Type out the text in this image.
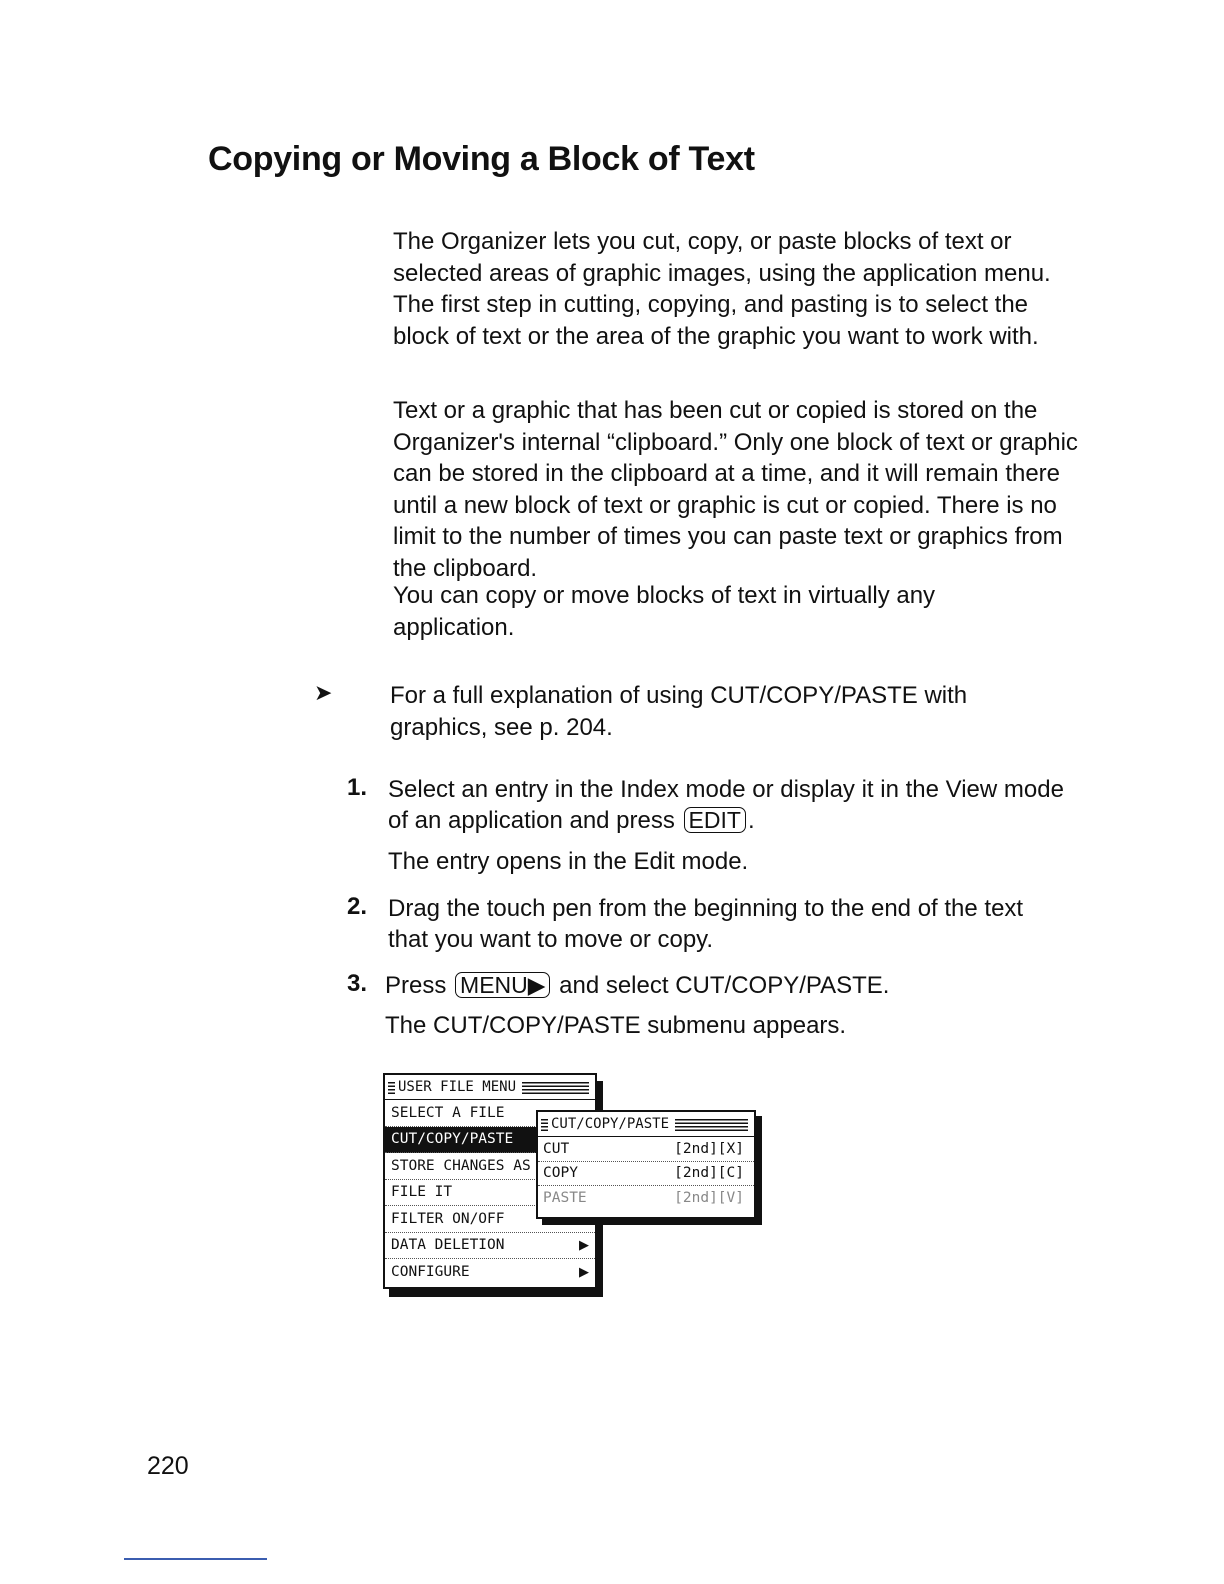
Copying or Moving a Block of Text

The Organizer lets you cut, copy, or paste blocks of text or selected areas of graphic images, using the application menu. The first step in cutting, copying, and pasting is to select the block of text or the area of the graphic you want to work with.

Text or a graphic that has been cut or copied is stored on the Organizer's internal “clipboard.” Only one block of text or graphic can be stored in the clipboard at a time, and it will remain there until a new block of text or graphic is cut or copied. There is no limit to the number of times you can paste text or graphics from the clipboard.

You can copy or move blocks of text in virtually any application.

➤ For a full explanation of using CUT/COPY/PASTE with graphics, see p. 204.

1. Select an entry in the Index mode or display it in the View mode of an application and press EDIT .
The entry opens in the Edit mode.
2. Drag the touch pen from the beginning to the end of the text that you want to move or copy.
3. Press MENU▶ and select CUT/COPY/PASTE.
The CUT/COPY/PASTE submenu appears.
USER FILE MENU
SELECT A FILE
CUT/COPY/PASTE
STORE CHANGES AS
FILE IT
FILTER ON/OFF
DATA DELETION	▶
CONFIGURE	▶
CUT/COPY/PASTE
CUT	[2nd][X]
COPY	[2nd][C]
PASTE	[2nd][V]
220
